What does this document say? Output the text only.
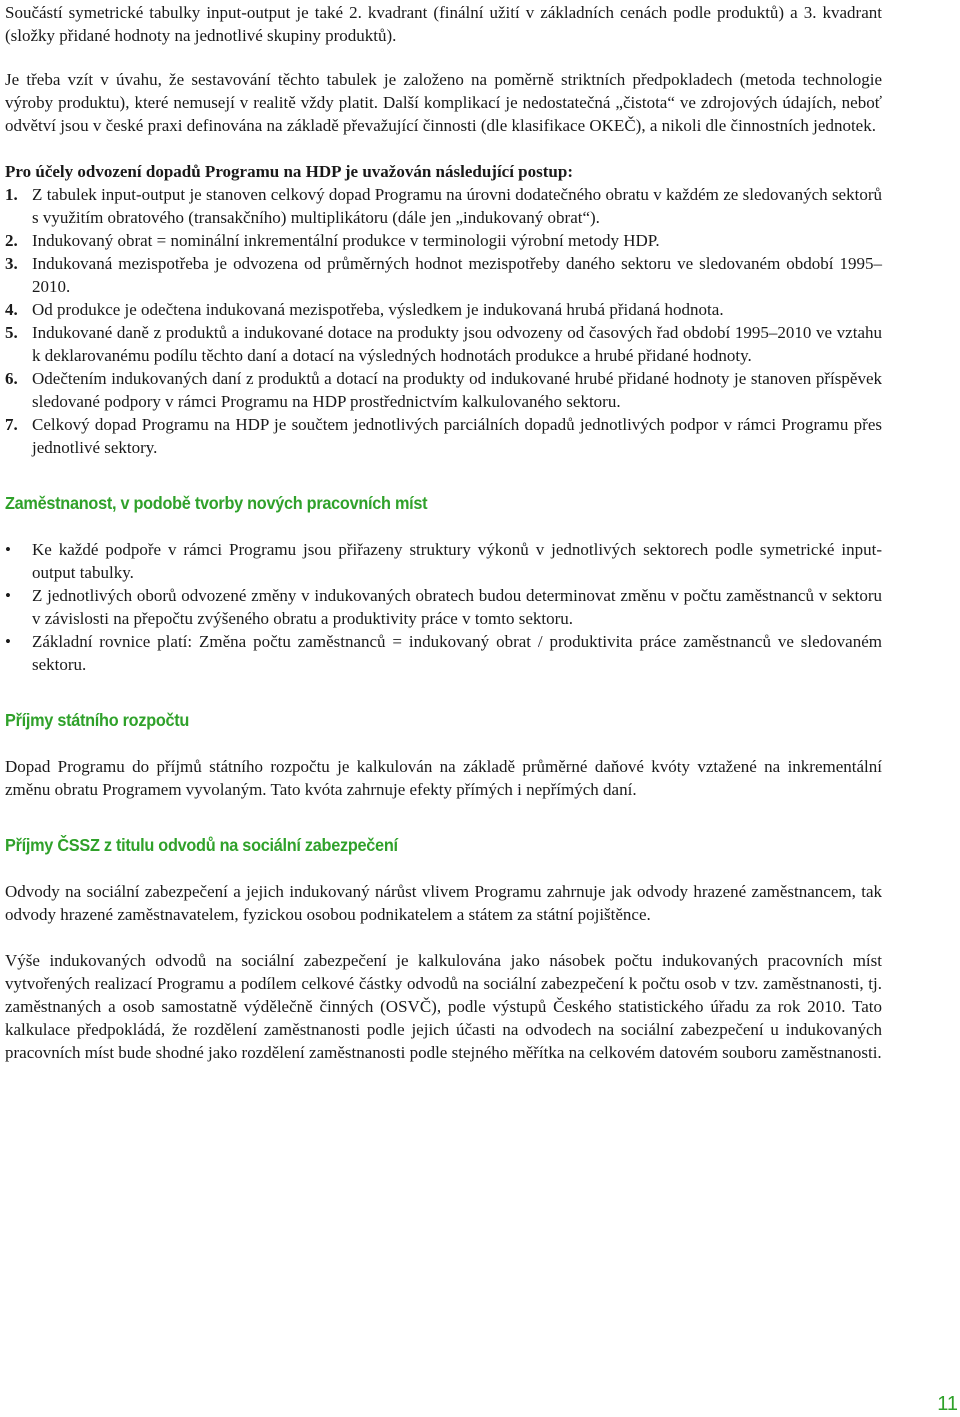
Součástí symetrické tabulky input-output je také 2. kvadrant (finální užití v základních cenách podle produktů) a 3. kvadrant (složky přidané hodnoty na jednotlivé skupiny produktů).

Je třeba vzít v úvahu, že sestavování těchto tabulek je založeno na poměrně striktních předpokladech (metoda technologie výroby produktu), které nemusejí v realitě vždy platit. Další komplikací je nedostatečná „čistota“ ve zdrojových údajích, neboť odvětví jsou v české praxi definována na základě převažující činnosti (dle klasifikace OKEČ), a nikoli dle činnostních jednotek.

Pro účely odvození dopadů Programu na HDP je uvažován následující postup:

1. Z tabulek input-output je stanoven celkový dopad Programu na úrovni dodatečného obratu v každém ze sledovaných sektorů s využitím obratového (transakčního) multiplikátoru (dále jen „indukovaný obrat“).
2. Indukovaný obrat = nominální inkrementální produkce v terminologii výrobní metody HDP.
3. Indukovaná mezispotřeba je odvozena od průměrných hodnot mezispotřeby daného sektoru ve sledovaném období 1995–2010.
4. Od produkce je odečtena indukovaná mezispotřeba, výsledkem je indukovaná hrubá přidaná hodnota.
5. Indukované daně z produktů a indukované dotace na produkty jsou odvozeny od časových řad období 1995–2010 ve vztahu k deklarovanému podílu těchto daní a dotací na výsledných hodnotách produkce a hrubé přidané hodnoty.
6. Odečtením indukovaných daní z produktů a dotací na produkty od indukované hrubé přidané hodnoty je stanoven příspěvek sledované podpory v rámci Programu na HDP prostřednictvím kalkulovaného sektoru.
7. Celkový dopad Programu na HDP je součtem jednotlivých parciálních dopadů jednotlivých podpor v rámci Programu přes jednotlivé sektory.
Zaměstnanost, v podobě tvorby nových pracovních míst
• Ke každé podpoře v rámci Programu jsou přiřazeny struktury výkonů v jednotlivých sektorech podle symetrické input-output tabulky.
• Z jednotlivých oborů odvozené změny v indukovaných obratech budou determinovat změnu v počtu zaměstnanců v sektoru v závislosti na přepočtu zvýšeného obratu a produktivity práce v tomto sektoru.
• Základní rovnice platí: Změna počtu zaměstnanců = indukovaný obrat / produktivita práce zaměstnanců ve sledovaném sektoru.
Příjmy státního rozpočtu

Dopad Programu do příjmů státního rozpočtu je kalkulován na základě průměrné daňové kvóty vztažené na inkrementální změnu obratu Programem vyvolaným. Tato kvóta zahrnuje efekty přímých i nepřímých daní.

Příjmy ČSSZ z titulu odvodů na sociální zabezpečení

Odvody na sociální zabezpečení a jejich indukovaný nárůst vlivem Programu zahrnuje jak odvody hrazené zaměstnancem, tak odvody hrazené zaměstnavatelem, fyzickou osobou podnikatelem a státem za státní pojištěnce.

Výše indukovaných odvodů na sociální zabezpečení je kalkulována jako násobek počtu indukovaných pracovních míst vytvořených realizací Programu a podílem celkové částky odvodů na sociální zabezpečení k počtu osob v tzv. zaměstnanosti, tj. zaměstnaných a osob samostatně výdělečně činných (OSVČ), podle výstupů Českého statistického úřadu za rok 2010. Tato kalkulace předpokládá, že rozdělení zaměstnanosti podle jejich účasti na odvodech na sociální zabezpečení u indukovaných pracovních míst bude shodné jako rozdělení zaměstnanosti podle stejného měřítka na celkovém datovém souboru zaměstnanosti.

11
